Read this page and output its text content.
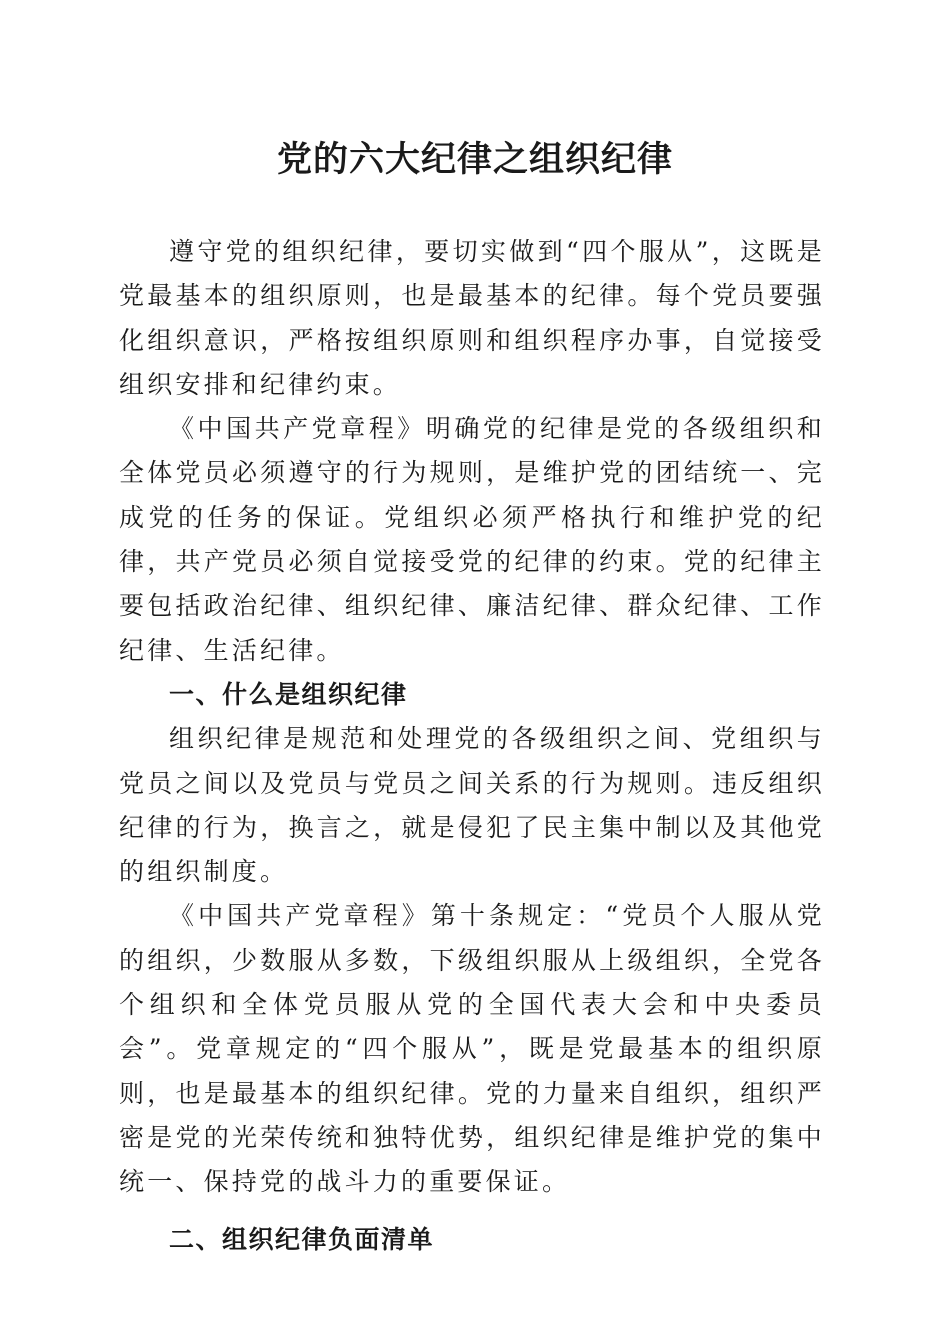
党的六大纪律之组织纪律

遵守党的组织纪律，要切实做到“四个服从”，这既是党最基本的组织原则，也是最基本的纪律。每个党员要强化组织意识，严格按组织原则和组织程序办事，自觉接受组织安排和纪律约束。

《中国共产党章程》明确党的纪律是党的各级组织和全体党员必须遵守的行为规则，是维护党的团结统一、完成党的任务的保证。党组织必须严格执行和维护党的纪律，共产党员必须自觉接受党的纪律的约束。党的纪律主要包括政治纪律、组织纪律、廉洁纪律、群众纪律、工作纪律、生活纪律。

一、什么是组织纪律

组织纪律是规范和处理党的各级组织之间、党组织与党员之间以及党员与党员之间关系的行为规则。违反组织纪律的行为，换言之，就是侵犯了民主集中制以及其他党的组织制度。

《中国共产党章程》第十条规定：“党员个人服从党的组织，少数服从多数，下级组织服从上级组织，全党各个组织和全体党员服从党的全国代表大会和中央委员会”。党章规定的“四个服从”，既是党最基本的组织原则，也是最基本的组织纪律。党的力量来自组织，组织严密是党的光荣传统和独特优势，组织纪律是维护党的集中统一、保持党的战斗力的重要保证。

二、组织纪律负面清单
